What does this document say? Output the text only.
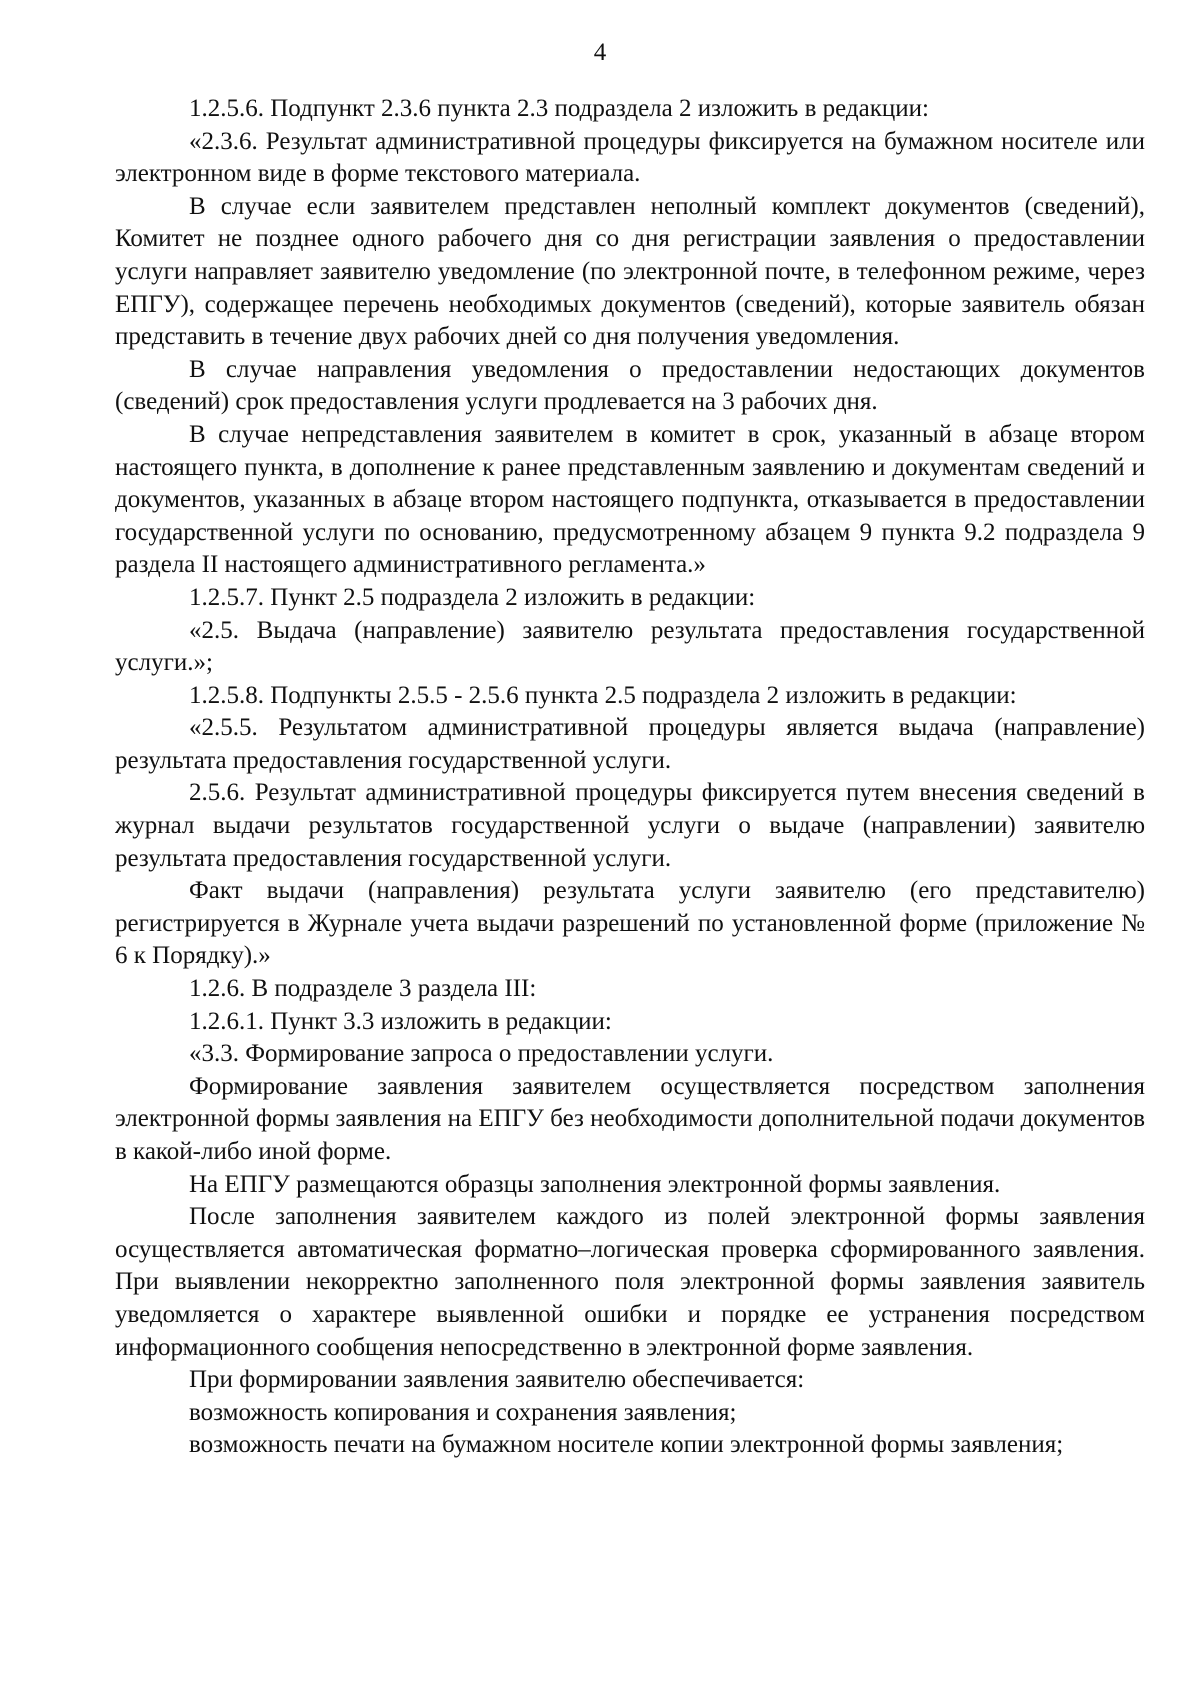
4

1.2.5.6. Подпункт 2.3.6 пункта 2.3 подраздела 2 изложить в редакции:

«2.3.6. Результат административной процедуры фиксируется на бумажном носителе или электронном виде в форме текстового материала.

В случае если заявителем представлен неполный комплект документов (сведений), Комитет не позднее одного рабочего дня со дня регистрации заявления о предоставлении услуги направляет заявителю уведомление (по электронной почте, в телефонном режиме, через ЕПГУ), содержащее перечень необходимых документов (сведений), которые заявитель обязан представить в течение двух рабочих дней со дня получения уведомления.

В случае направления уведомления о предоставлении недостающих документов (сведений) срок предоставления услуги продлевается на 3 рабочих дня.

В случае непредставления заявителем в комитет в срок, указанный в абзаце втором настоящего пункта, в дополнение к ранее представленным заявлению и документам сведений и документов, указанных в абзаце втором настоящего подпункта, отказывается в предоставлении государственной услуги по основанию, предусмотренному абзацем 9 пункта 9.2 подраздела 9 раздела II настоящего административного регламента.»

1.2.5.7. Пункт 2.5 подраздела 2 изложить в редакции:

«2.5. Выдача (направление) заявителю результата предоставления государственной услуги.»;

1.2.5.8. Подпункты 2.5.5 - 2.5.6 пункта 2.5 подраздела 2 изложить в редакции:

«2.5.5. Результатом административной процедуры является выдача (направление) результата предоставления государственной услуги.

2.5.6. Результат административной процедуры фиксируется путем внесения сведений в журнал выдачи результатов государственной услуги о выдаче (направлении) заявителю результата предоставления государственной услуги.

Факт выдачи (направления) результата услуги заявителю (его представителю) регистрируется в Журнале учета выдачи разрешений по установленной форме (приложение № 6 к Порядку).»

1.2.6. В подразделе 3 раздела III:

1.2.6.1. Пункт 3.3 изложить в редакции:

«3.3. Формирование запроса о предоставлении услуги.

Формирование заявления заявителем осуществляется посредством заполнения электронной формы заявления на ЕПГУ без необходимости дополнительной подачи документов в какой-либо иной форме.

На ЕПГУ размещаются образцы заполнения электронной формы заявления.

После заполнения заявителем каждого из полей электронной формы заявления осуществляется автоматическая форматно–логическая проверка сформированного заявления. При выявлении некорректно заполненного поля электронной формы заявления заявитель уведомляется о характере выявленной ошибки и порядке ее устранения посредством информационного сообщения непосредственно в электронной форме заявления.

При формировании заявления заявителю обеспечивается:

возможность копирования и сохранения заявления;

возможность печати на бумажном носителе копии электронной формы заявления;
